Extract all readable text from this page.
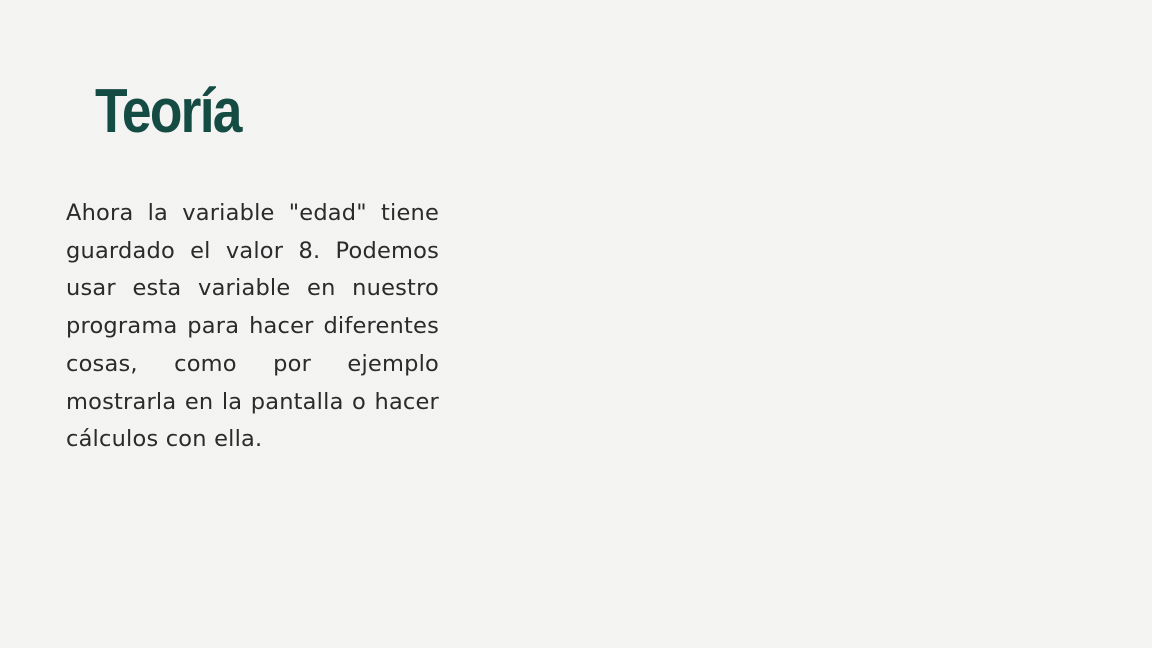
Teoría

Ahora la variable "edad" tiene guardado el valor 8. Podemos usar esta variable en nuestro programa para hacer diferentes cosas, como por ejemplo mostrarla en la pantalla o hacer cálculos con ella.
